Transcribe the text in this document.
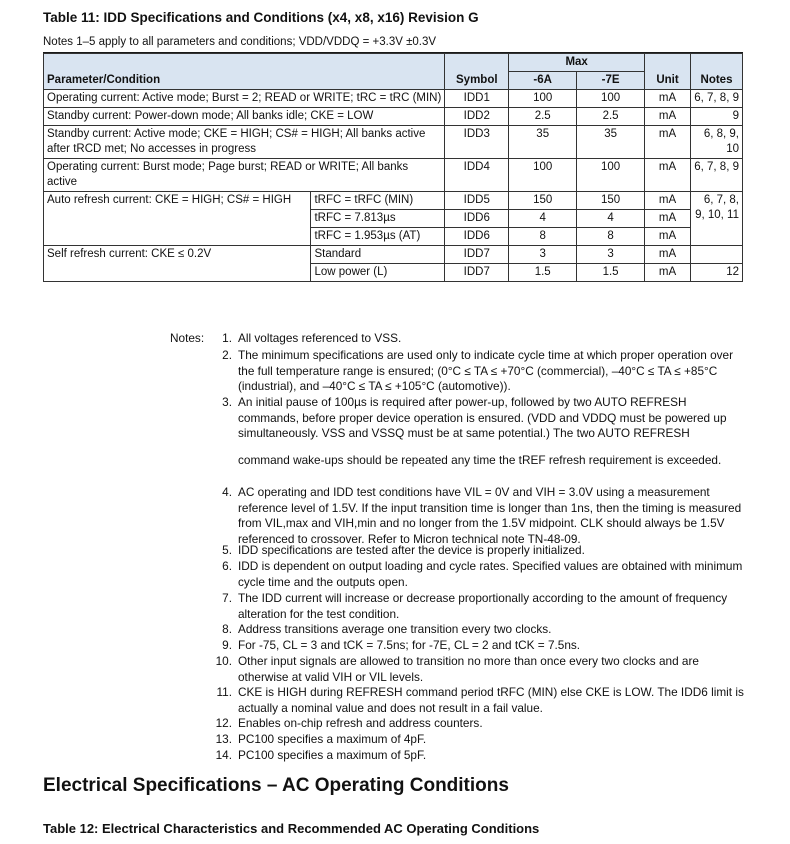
Table 11: IDD Specifications and Conditions (x4, x8, x16) Revision G
Notes 1–5 apply to all parameters and conditions; VDD/VDDQ = +3.3V ±0.3V
Parameter/Condition		Symbol	Max		Unit	Notes
			-6A	-7E		
Operating current: Active mode; Burst = 2; READ or WRITE; tRC = tRC (MIN)		IDD1	100	100	mA	6, 7, 8, 9
Standby current: Power-down mode; All banks idle; CKE = LOW		IDD2	2.5	2.5	mA	9
Standby current: Active mode; CKE = HIGH; CS# = HIGH; All banks active after tRCD met; No accesses in progress		IDD3	35	35	mA	6, 8, 9, 10
Operating current: Burst mode; Page burst; READ or WRITE; All banks active		IDD4	100	100	mA	6, 7, 8, 9
Auto refresh current: CKE = HIGH; CS# = HIGH	tRFC = tRFC (MIN)	IDD5	150	150	mA	6, 7, 8, 9, 10, 11
	tRFC = 7.813µs	IDD6	4	4	mA	
	tRFC = 1.953µs (AT)	IDD6	8	8	mA	
Self refresh current: CKE ≤ 0.2V	Standard	IDD7	3	3	mA	
	Low power (L)	IDD7	1.5	1.5	mA	12
Notes:	1. All voltages referenced to VSS.
2. The minimum specifications are used only to indicate cycle time at which proper operation over the full temperature range is ensured; (0°C ≤ TA ≤ +70°C (commercial), –40°C ≤ TA ≤ +85°C (industrial), and –40°C ≤ TA ≤ +105°C (automotive)).
3. An initial pause of 100µs is required after power-up, followed by two AUTO REFRESH commands, before proper device operation is ensured. (VDD and VDDQ must be powered up simultaneously. VSS and VSSQ must be at same potential.) The two AUTO REFRESH
command wake-ups should be repeated any time the tREF refresh requirement is exceeded.
4. AC operating and IDD test conditions have VIL = 0V and VIH = 3.0V using a measurement reference level of 1.5V. If the input transition time is longer than 1ns, then the timing is measured from VIL,max and VIH,min and no longer from the 1.5V midpoint. CLK should always be 1.5V referenced to crossover. Refer to Micron technical note TN-48-09.
5. IDD specifications are tested after the device is properly initialized.
6. IDD is dependent on output loading and cycle rates. Specified values are obtained with minimum cycle time and the outputs open.
7. The IDD current will increase or decrease proportionally according to the amount of frequency alteration for the test condition.
8. Address transitions average one transition every two clocks.
9. For -75, CL = 3 and tCK = 7.5ns; for -7E, CL = 2 and tCK = 7.5ns.
10. Other input signals are allowed to transition no more than once every two clocks and are otherwise at valid VIH or VIL levels.
11. CKE is HIGH during REFRESH command period tRFC (MIN) else CKE is LOW. The IDD6 limit is actually a nominal value and does not result in a fail value.
12. Enables on-chip refresh and address counters.
13. PC100 specifies a maximum of 4pF.
14. PC100 specifies a maximum of 5pF.
Electrical Specifications – AC Operating Conditions
Table 12: Electrical Characteristics and Recommended AC Operating Conditions
